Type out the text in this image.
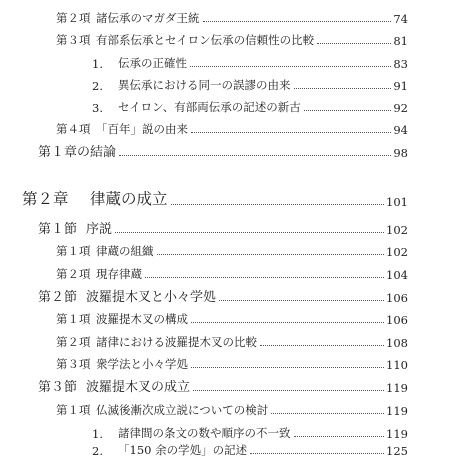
第２項 諸伝承のマガダ王統	74
第３項 有部系伝承とセイロン伝承の信頼性の比較	81
1.	伝承の正確性	83
2.	異伝承における同一の誤謬の由来	91
3.	セイロン、有部両伝承の記述の新古	92
第４項 「百年」説の由来	94
第１章の結論	98
第２章	律蔵の成立	101
第１節 序説	102
第１項 律蔵の組織	102
第２項 現存律蔵	104
第２節 波羅提木叉と小々学処	106
第１項 波羅提木叉の構成	106
第２項 諸律における波羅提木叉の比較	108
第３項 衆学法と小々学処	110
第３節 波羅提木叉の成立	119
第１項 仏滅後漸次成立説についての検討	119
1.	諸律間の条文の数や順序の不一致	119
2.	「150 余の学処」の記述	125
